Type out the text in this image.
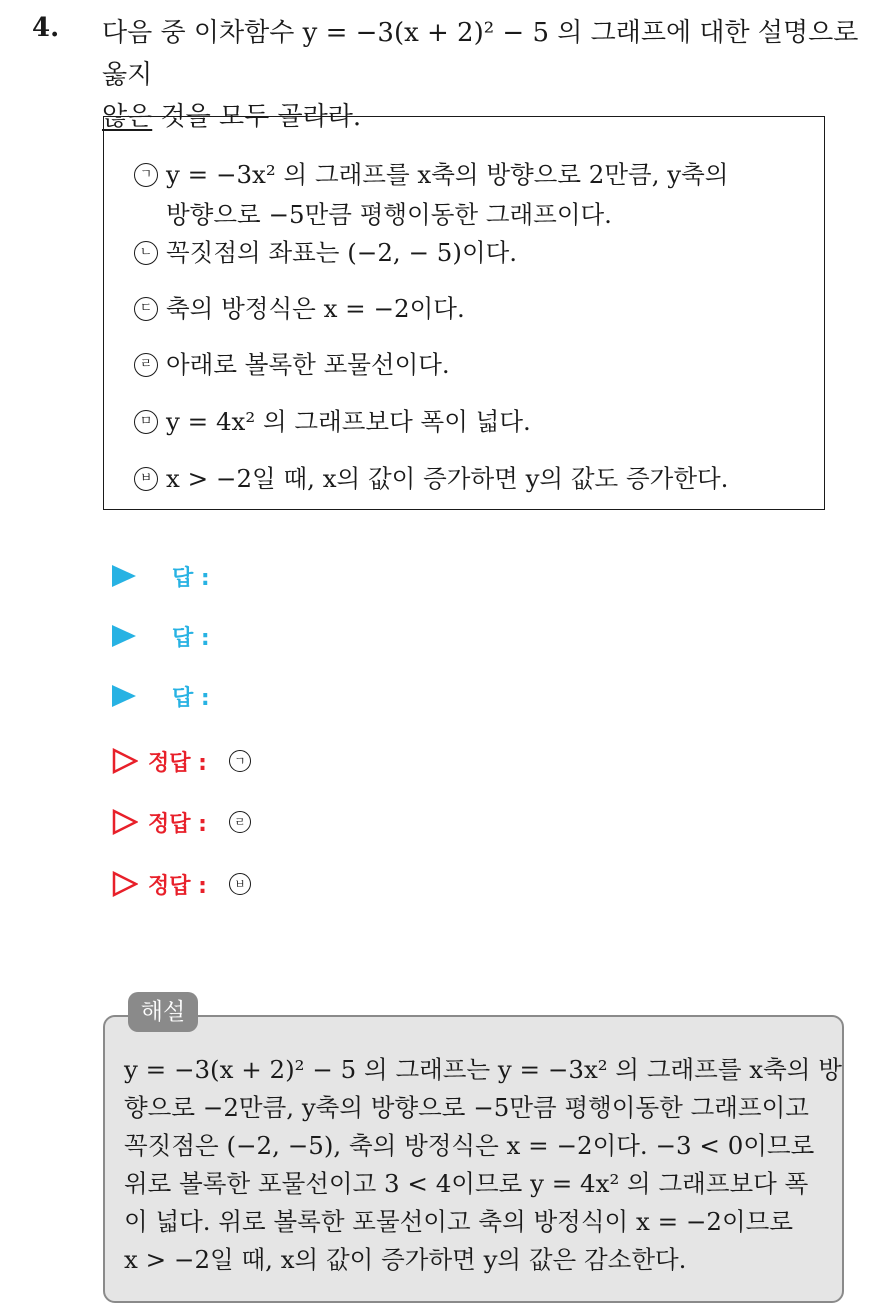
4. 다음 중 이차함수 y = −3(x + 2)² − 5 의 그래프에 대한 설명으로 옳지
않은 것을 모두 골라라.
ㄱ y = −3x² 의 그래프를 x축의 방향으로 2만큼, y축의
방향으로 −5만큼 평행이동한 그래프이다.
ㄴ 꼭짓점의 좌표는 (−2, − 5)이다.
ㄷ 축의 방정식은 x = −2이다.
ㄹ 아래로 볼록한 포물선이다.
ㅁ y = 4x² 의 그래프보다 폭이 넓다.
ㅂ x > −2일 때, x의 값이 증가하면 y의 값도 증가한다.
답 :
답 :
답 :
정답 :	ㄱ
정답 :	ㄹ
정답 :	ㅂ
해설
y = −3(x + 2)² − 5 의 그래프는 y = −3x² 의 그래프를 x축의 방
향으로 −2만큼, y축의 방향으로 −5만큼 평행이동한 그래프이고
꼭짓점은 (−2, −5), 축의 방정식은 x = −2이다. −3 < 0이므로
위로 볼록한 포물선이고 3 < 4이므로 y = 4x² 의 그래프보다 폭
이 넓다. 위로 볼록한 포물선이고 축의 방정식이 x = −2이므로
x > −2일 때, x의 값이 증가하면 y의 값은 감소한다.
